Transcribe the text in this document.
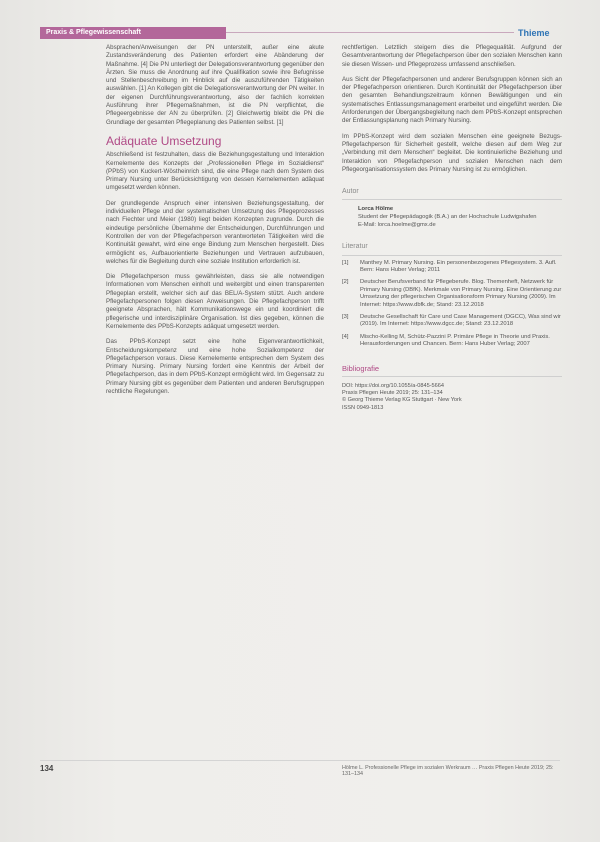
Praxis & Pflegewissenschaft	Thieme

Absprachen/Anweisungen der PN unterstellt, außer eine akute Zustandsveränderung des Patienten erfordert eine Abänderung der Maßnahme. [4] Die PN unterliegt der Delegationsverantwortung gegenüber den Ärzten. Sie muss die Anordnung auf ihre Qualifikation sowie ihre Befugnisse und Stellenbeschreibung im Hinblick auf die auszuführenden Tätigkeiten auswählen. [1] An Kollegen gibt die Delegationsverantwortung der PN weiter. In der eigenen Durchführungsverantwortung, also der fachlich korrekten Ausführung ihrer Pflegemaßnahmen, ist die PN verpflichtet, die Pflegeergebnisse der AN zu überprüfen. [2] Gleichwertig bleibt die PN die Grundlage der gesamten Pflegeplanung des Patienten selbst. [1]

Adäquate Umsetzung

Abschließend ist festzuhalten, dass die Beziehungsgestaltung und Interaktion Kernelemente des Konzepts der „Professionellen Pflege im Sozialdienst“ (PPbS) von Kuckert-Wöstheinrich sind, die eine Pflege nach dem System des Primary Nursing unter Berücksichtigung von dessen Kernelementen adäquat umgesetzt werden können.

Der grundlegende Anspruch einer intensiven Beziehungsgestaltung, der individuellen Pflege und der systematischen Umsetzung des Pflegeprozesses nach Fiechter und Meier (1980) liegt beiden Konzepten zugrunde. Durch die eindeutige persönliche Übernahme der Entscheidungen, Durchführungen und Kontrollen der von der Pflegefachperson verantworteten Tätigkeiten wird die Kontinuität gewahrt, wird eine enge Bindung zum Menschen hergestellt. Dies ermöglicht es, Aufbauorientierte Beziehungen und Vertrauen aufzubauen, welches für die Begleitung durch eine soziale Institution erforderlich ist.

Die Pflegefachperson muss gewährleisten, dass sie alle notwendigen Informationen vom Menschen einholt und weitergibt und einen transparenten Pflegeplan erstellt, welcher sich auf das BEL/A-System stützt. Auch andere Pflegefachpersonen folgen diesen Anweisungen. Die Pflegefachperson trifft geeignete Absprachen, hält Kommunikationswege ein und koordiniert die pflegerische und interdisziplinäre Organisation. Ist dies gegeben, können die Kernelemente des PPbS-Konzepts adäquat umgesetzt werden.

Das PPbS-Konzept setzt eine hohe Eigenverantwortlichkeit, Entscheidungskompetenz und eine hohe Sozialkompetenz der Pflegefachperson voraus. Diese Kernelemente entsprechen dem System des Primary Nursing. Primary Nursing fordert eine Kenntnis der Arbeit der Pflegefachperson, das in dem PPbS-Konzept ermöglicht wird. Im Gegensatz zu Primary Nursing gibt es gegenüber dem Patienten und anderen Berufsgruppen rechtliche Regelungen.

rechtfertigen. Letztlich steigern dies die Pflegequalität. Aufgrund der Gesamtverantwortung der Pflegefachperson über den sozialen Menschen kann sie diesen Wissen- und Pflegeprozess umfassend anschließen.

Aus Sicht der Pflegefachpersonen und anderer Berufsgruppen können sich an der Pflegefachperson orientieren. Durch Kontinuität der Pflegefachperson über den gesamten Behandlungszeitraum können Bewältigungen und ein systematisches Entlassungsmanagement erarbeitet und eingeführt werden. Die Anforderungen der Übergangsbegleitung nach dem PPbS-Konzept entsprechen der Entlassungsplanung nach Primary Nursing.

Im PPbS-Konzept wird dem sozialen Menschen eine geeignete Bezugs-Pflegefachperson für Sicherheit gestellt, welche diesen auf dem Weg zur „Verbindung mit dem Menschen“ begleitet. Die kontinuierliche Beziehung und Interaktion von Pflegefachperson und sozialen Menschen nach dem Pflegeorganisationssystem des Primary Nursing ist zu ermöglichen.

Autor
Lorca Hölme
Student der Pflegepädagogik (B.A.) an der Hochschule Ludwigshafen
E-Mail: lorca.hoelme@gmx.de
Literatur
[1] Manthey M. Primary Nursing. Ein personenbezogenes Pflegesystem. 3. Aufl. Bern: Hans Huber Verlag; 2011
[2] Deutscher Berufsverband für Pflegeberufe. Blog. Themenheft, Netzwerk für Primary Nursing (DBfK). Merkmale von Primary Nursing. Eine Orientierung zur Umsetzung der pflegerischen Organisationsform Primary Nursing (2009). Im Internet: https://www.dbfk.de; Stand: 23.12.2018
[3] Deutsche Gesellschaft für Care und Case Management (DGCC), Was sind wir (2019). Im Internet: https://www.dgcc.de; Stand: 23.12.2018
[4] Mischo-Kelling M, Schütz-Pazzini P. Primäre Pflege in Theorie und Praxis. Herausforderungen und Chancen. Bern: Hans Huber Verlag; 2007
Bibliografie
DOI: https://doi.org/10.1055/a-0845-5664
Praxis Pflegen Heute 2019; 25: 131–134
© Georg Thieme Verlag KG Stuttgart · New York
ISSN 0949-1813
134	Hölme L. Professionelle Pflege im sozialen Werkraum … Praxis Pflegen Heute 2019; 25: 131–134
